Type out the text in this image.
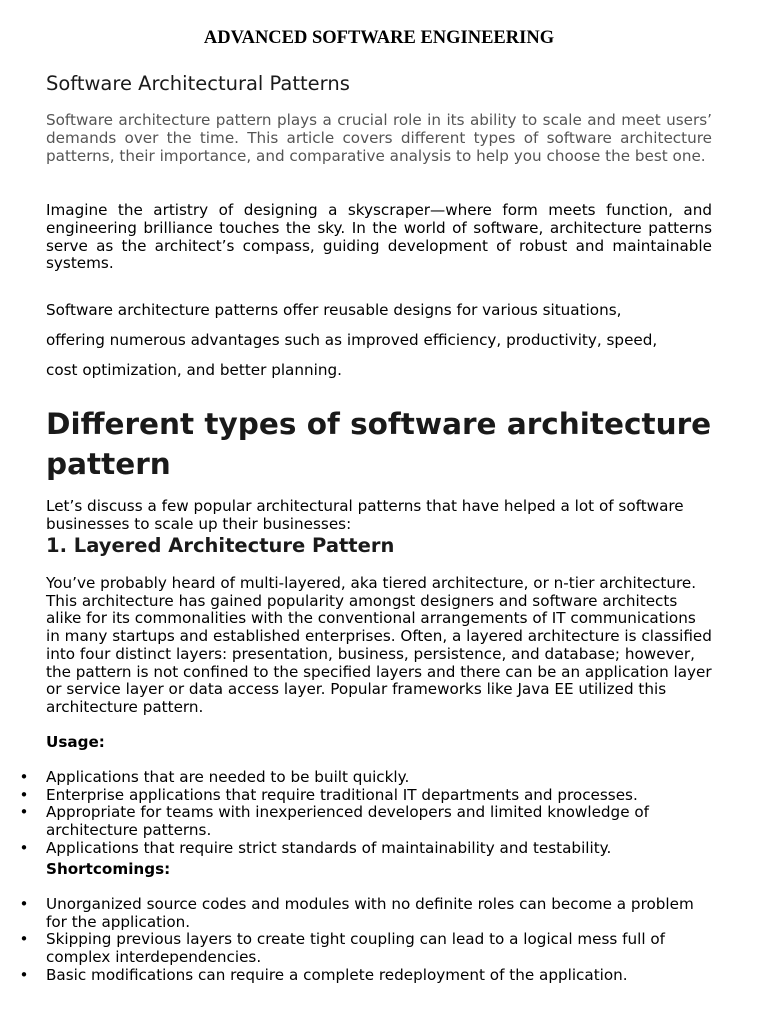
ADVANCED SOFTWARE ENGINEERING
Software Architectural Patterns

Software architecture pattern plays a crucial role in its ability to scale and meet users’ demands over the time. This article covers different types of software architecture patterns, their importance, and comparative analysis to help you choose the best one.

Imagine the artistry of designing a skyscraper—where form meets function, and engineering brilliance touches the sky. In the world of software, architecture patterns serve as the architect’s compass, guiding development of robust and maintainable systems.

Software architecture patterns offer reusable designs for various situations,
offering numerous advantages such as improved efficiency, productivity, speed,
cost optimization, and better planning.
Different types of software architecture pattern

Let’s discuss a few popular architectural patterns that have helped a lot of software businesses to scale up their businesses:

1. Layered Architecture Pattern

You’ve probably heard of multi-layered, aka tiered architecture, or n-tier architecture. This architecture has gained popularity amongst designers and software architects alike for its commonalities with the conventional arrangements of IT communications in many startups and established enterprises. Often, a layered architecture is classified into four distinct layers: presentation, business, persistence, and database; however, the pattern is not confined to the specified layers and there can be an application layer or service layer or data access layer. Popular frameworks like Java EE utilized this architecture pattern.

Usage:
• Applications that are needed to be built quickly.
• Enterprise applications that require traditional IT departments and processes.
• Appropriate for teams with inexperienced developers and limited knowledge of architecture patterns.
• Applications that require strict standards of maintainability and testability.
Shortcomings:
• Unorganized source codes and modules with no definite roles can become a problem for the application.
• Skipping previous layers to create tight coupling can lead to a logical mess full of complex interdependencies.
• Basic modifications can require a complete redeployment of the application.
